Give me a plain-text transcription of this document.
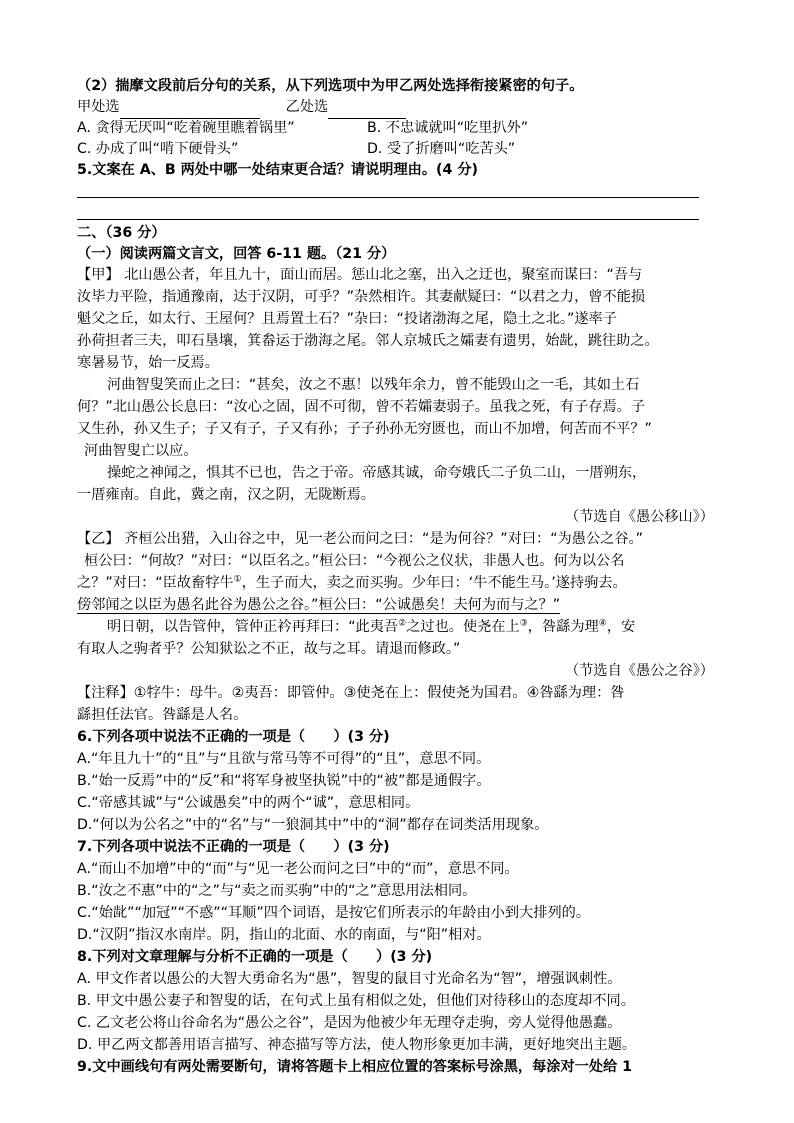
（2）揣摩文段前后分句的关系，从下列选项中为甲乙两处选择衔接紧密的句子。
甲处选	乙处选
A. 贪得无厌叫“吃着碗里瞧着锅里”	B. 不忠诚就叫“吃里扒外”
C. 办成了叫“啃下硬骨头”	D. 受了折磨叫“吃苦头”
5.文案在 A、B 两处中哪一处结束更合适？请说明理由。(4 分)
二、（36 分）
（一）阅读两篇文言文，回答 6-11 题。（21 分）
【甲】 北山愚公者，年且九十，面山而居。惩山北之塞，出入之迂也，聚室而谋曰：“吾与
汝毕力平险，指通豫南，达于汉阴，可乎？”杂然相许。其妻献疑曰：“以君之力，曾不能损
魁父之丘，如太行、王屋何？且焉置土石？”杂曰：“投诸渤海之尾，隐土之北。”遂率子
孙荷担者三夫，叩石垦壤，箕畚运于渤海之尾。邻人京城氏之孀妻有遗男，始龀，跳往助之。
寒暑易节，始一反焉。
河曲智叟笑而止之曰：“甚矣，汝之不惠！以残年余力，曾不能毁山之一毛，其如土石
何？”北山愚公长息曰：“汝心之固，固不可彻，曾不若孀妻弱子。虽我之死，有子存焉。子
又生孙，孙又生子；子又有子，子又有孙；子子孙孙无穷匮也，而山不加增，何苦而不平？”
河曲智叟亡以应。
操蛇之神闻之，惧其不已也，告之于帝。帝感其诚，命夸娥氏二子负二山，一厝朔东，
一厝雍南。自此，冀之南，汉之阴，无陇断焉。
（节选自《愚公移山》）
【乙】 齐桓公出猎，入山谷之中，见一老公而问之曰：“是为何谷？”对曰：“为愚公之谷。”
桓公曰：“何故？”对曰：“以臣名之。”桓公曰：“今视公之仪状，非愚人也。何为以公名
之？”对曰：“臣故畜牸牛①，生子而大，卖之而买驹。少年曰：‘牛不能生马。’遂持驹去。
傍邻闻之以臣为愚名此谷为愚公之谷。”桓公曰：“公诚愚矣！夫何为而与之？”
明日朝，以告管仲，管仲正衿再拜曰：“此夷吾②之过也。使尧在上③，咎繇为理④，安
有取人之驹者乎？公知狱讼之不正，故与之耳。请退而修政。”
（节选自《愚公之谷》）
【注释】①牸牛：母牛。②夷吾：即管仲。③使尧在上：假使尧为国君。④咎繇为理：咎
繇担任法官。咎繇是人名。
6.下列各项中说法不正确的一项是（　　）(3 分)
A.“年且九十”的“且”与“且欲与常马等不可得”的“且”，意思不同。
B.“始一反焉”中的“反”和“将军身被坚执锐”中的“被”都是通假字。
C.“帝感其诚”与“公诚愚矣”中的两个“诚”，意思相同。
D.“何以为公名之”中的“名”与“一狼洞其中”中的“洞”都存在词类活用现象。
7.下列各项中说法不正确的一项是（　　）(3 分)
A.“而山不加增”中的“而”与“见一老公而问之曰”中的“而”，意思不同。
B.“汝之不惠”中的“之”与“卖之而买驹”中的“之”意思用法相同。
C.“始龀”“加冠”“不惑”“耳顺”四个词语，是按它们所表示的年龄由小到大排列的。
D.“汉阴”指汉水南岸。阴，指山的北面、水的南面，与“阳”相对。
8.下列对文章理解与分析不正确的一项是（　　）(3 分)
A. 甲文作者以愚公的大智大勇命名为“愚”，智叟的鼠目寸光命名为“智”，增强讽刺性。
B. 甲文中愚公妻子和智叟的话，在句式上虽有相似之处，但他们对待移山的态度却不同。
C. 乙文老公将山谷命名为“愚公之谷”，是因为他被少年无理夺走驹，旁人觉得他愚蠢。
D. 甲乙两文都善用语言描写、神态描写等方法，使人物形象更加丰满，更好地突出主题。
9.文中画线句有两处需要断句，请将答题卡上相应位置的答案标号涂黑，每涂对一处给 1
